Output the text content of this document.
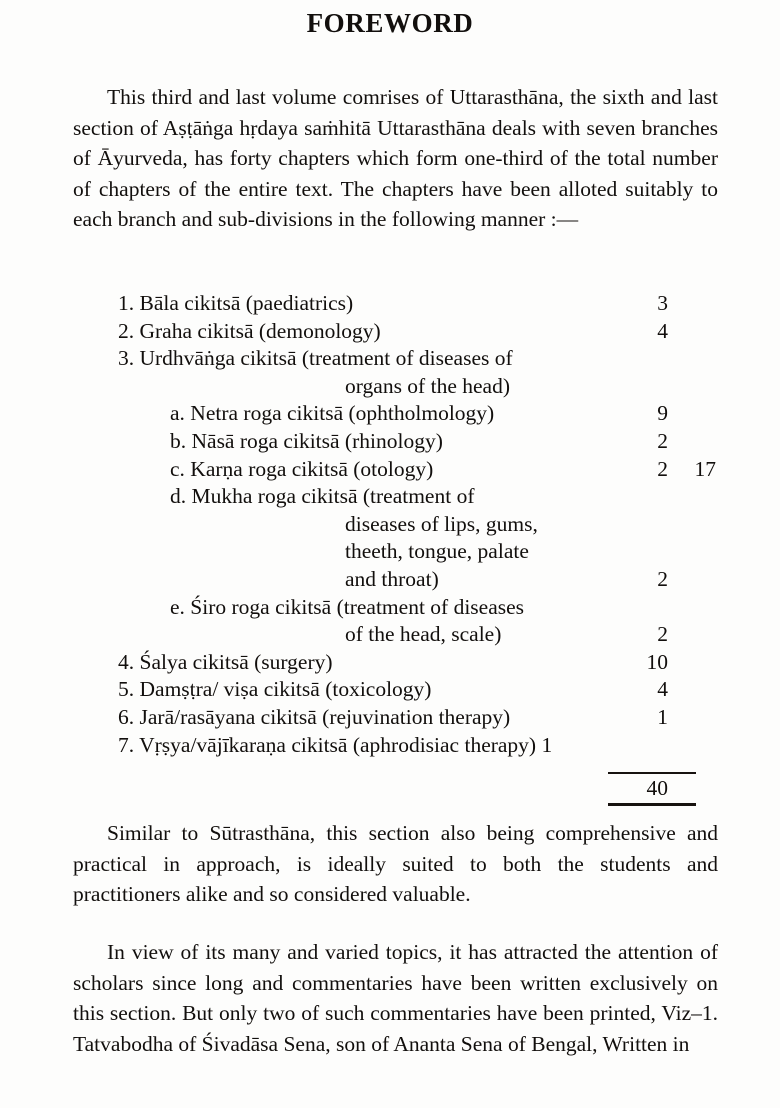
FOREWORD
This third and last volume comrises of Uttarasthāna, the sixth and last section of Aṣṭāṅga hṛdaya saṁhitā Uttarasthāna deals with seven branches of Āyurveda, has forty chapters which form one-third of the total number of chapters of the entire text. The chapters have been alloted suitably to each branch and sub-divisions in the following manner :—
1. Bāla cikitsā (paediatrics)	3
2. Graha cikitsā (demonology)	4
3. Urdhvāṅga cikitsā (treatment of diseases of
organs of the head)
a. Netra roga cikitsā (ophtholmology)	9
b. Nāsā roga cikitsā (rhinology)	2
c. Karṇa roga cikitsā (otology)	2	17
d. Mukha roga cikitsā (treatment of
diseases of lips, gums,
theeth, tongue, palate
and throat)	2
e. Śiro roga cikitsā (treatment of diseases
of the head, scale)	2
4. Śalya cikitsā (surgery)	10
5. Damṣṭra/ viṣa cikitsā (toxicology)	4
6. Jarā/rasāyana cikitsā (rejuvination therapy)	1
7. Vṛṣya/vājīkaraṇa cikitsā (aphrodisiac therapy) 1
40
Similar to Sūtrasthāna, this section also being comprehensive and practical in approach, is ideally suited to both the students and practitioners alike and so considered valuable.
In view of its many and varied topics, it has attracted the attention of scholars since long and commentaries have been written exclusively on this section. But only two of such commentaries have been printed, Viz–1. Tatvabodha of Śivadāsa Sena, son of Ananta Sena of Bengal, Written in
